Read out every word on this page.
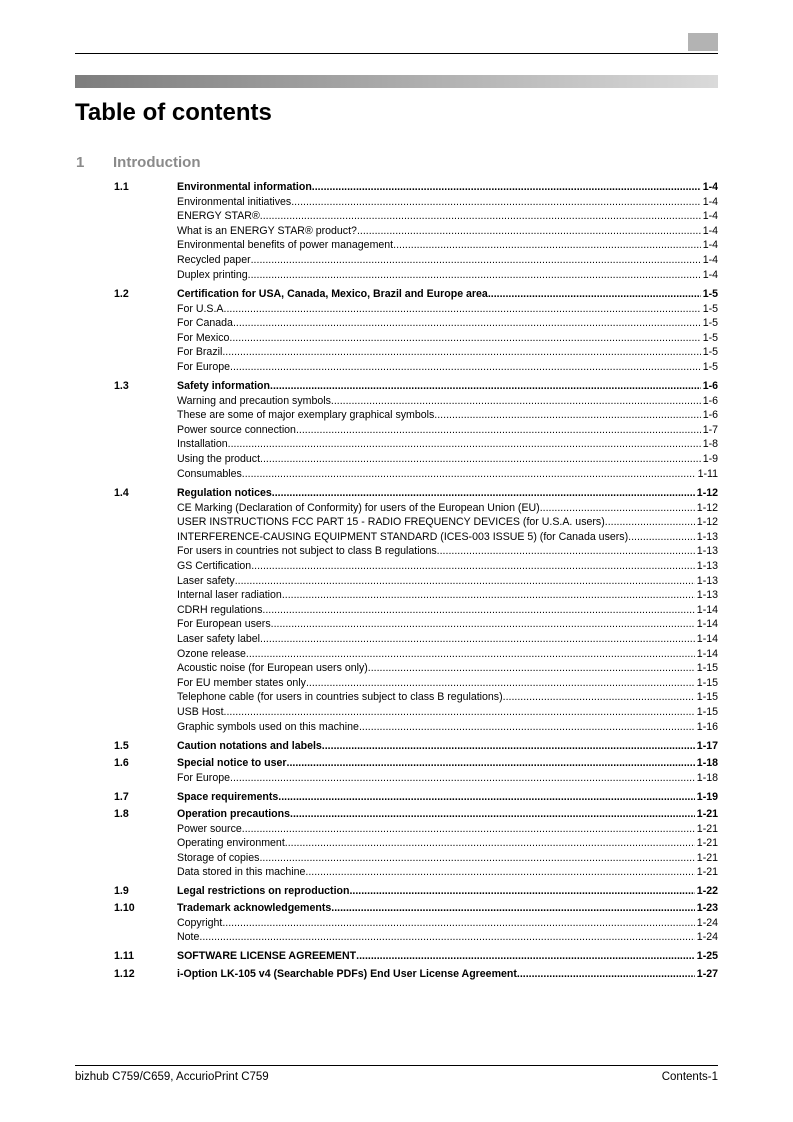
Table of contents
1 Introduction
1.1	Environmental information .....	1-4
Environmental initiatives .....	1-4
ENERGY STAR® .....	1-4
What is an ENERGY STAR® product? .....	1-4
Environmental benefits of power management .....	1-4
Recycled paper .....	1-4
Duplex printing .....	1-4
1.2	Certification for USA, Canada, Mexico, Brazil and Europe area .....	1-5
For U.S.A. .....	1-5
For Canada .....	1-5
For Mexico .....	1-5
For Brazil .....	1-5
For Europe .....	1-5
1.3	Safety information .....	1-6
Warning and precaution symbols .....	1-6
These are some of major exemplary graphical symbols .....	1-6
Power source connection .....	1-7
Installation .....	1-8
Using the product .....	1-9
Consumables .....	1-11
1.4	Regulation notices .....	1-12
CE Marking (Declaration of Conformity) for users of the European Union (EU) .....	1-12
USER INSTRUCTIONS FCC PART 15 - RADIO FREQUENCY DEVICES (for U.S.A. users) .....	1-12
INTERFERENCE-CAUSING EQUIPMENT STANDARD (ICES-003 ISSUE 5) (for Canada users) .....	1-13
For users in countries not subject to class B regulations .....	1-13
GS Certification .....	1-13
Laser safety .....	1-13
Internal laser radiation .....	1-13
CDRH regulations .....	1-14
For European users .....	1-14
Laser safety label .....	1-14
Ozone release .....	1-14
Acoustic noise (for European users only) .....	1-15
For EU member states only .....	1-15
Telephone cable (for users in countries subject to class B regulations) .....	1-15
USB Host .....	1-15
Graphic symbols used on this machine .....	1-16
1.5	Caution notations and labels .....	1-17
1.6	Special notice to user .....	1-18
For Europe .....	1-18
1.7	Space requirements .....	1-19
1.8	Operation precautions .....	1-21
Power source .....	1-21
Operating environment .....	1-21
Storage of copies .....	1-21
Data stored in this machine .....	1-21
1.9	Legal restrictions on reproduction .....	1-22
1.10	Trademark acknowledgements .....	1-23
Copyright .....	1-24
Note .....	1-24
1.11	SOFTWARE LICENSE AGREEMENT .....	1-25
1.12	i-Option LK-105 v4 (Searchable PDFs) End User License Agreement .....	1-27
bizhub C759/C659, AccurioPrint C759	Contents-1
